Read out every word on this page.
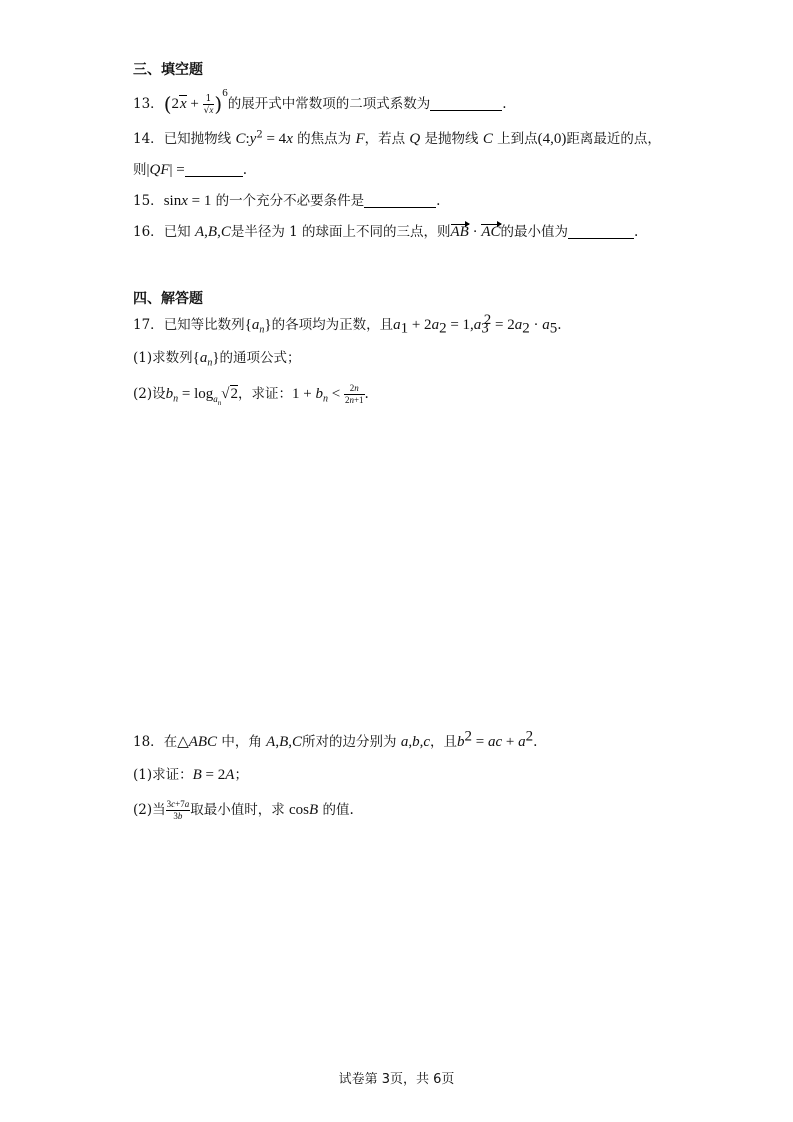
三、填空题
13．$(2x + \frac{1}{√x} )^6$的展开式中常数项的二项式系数为	.
14．已知抛物线 $C:y^2 = 4x$ 的焦点为 F，若点 Q 是抛物线 C 上到点(4,0)距离最近的点，
则|QF| =	.
15．sinx = 1 的一个充分不必要条件是	.
16．已知 A,B,C是半径为 1 的球面上不同的三点，则AB · AC的最小值为	.
四、解答题
17．已知等比数列$\{a_n\}$的各项均为正数，且$a_1 + 2a_2 = 1,a_3^2 = 2a_2 \cdot a_5$.
(1)求数列$\{a_n\}$的通项公式；
(2)设$b_n = \log_{a_n}√2$，求证：$1 + b_n < \frac{2n}{2n+1}$ .
18．在△ABC 中，角 A,B,C所对的边分别为 a,b,c，且$b^2$ = ac + $a^2$.
(1)求证：B = 2A；
(2)当 $\frac{3c+7a}{3b}$ 取最小值时，求 cosB 的值.
试卷第 3页，共 6页
